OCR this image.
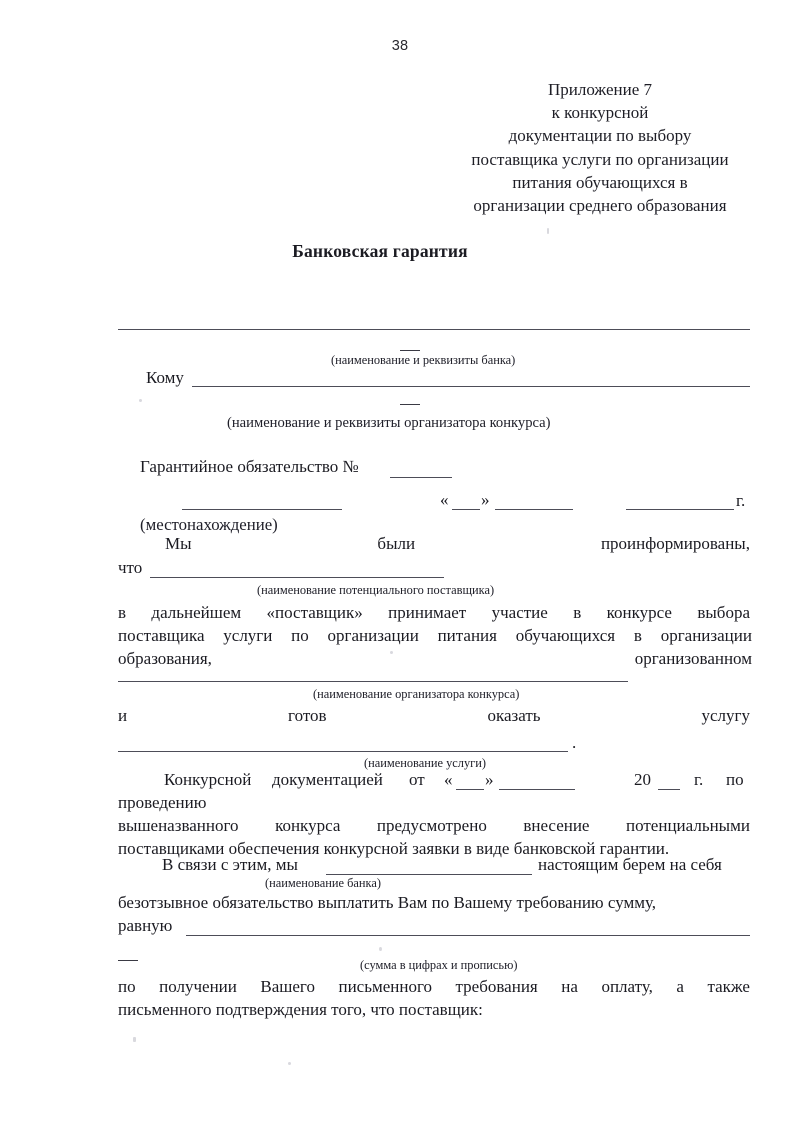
38
Приложение 7
к конкурсной
документации по выбору
поставщика услуги по организации
питания обучающихся в
организации среднего образования
Банковская гарантия
(наименование и реквизиты банка)
Кому
(наименование и реквизиты организатора конкурса)
Гарантийное обязательство №
(местонахождение)
« »	г.
Мы	были	проинформированы,
что
(наименование потенциального поставщика)
в дальнейшем «поставщик» принимает участие в конкурсе выбора
поставщика услуги по организации питания обучающихся в организации
образования,	организованном
(наименование организатора конкурса)
и	готов	оказать	услугу
.
(наименование услуги)
Конкурсной документацией от « »	20	г. по
проведению
вышеназванного конкурса предусмотрено внесение потенциальными
поставщиками обеспечения конкурсной заявки в виде банковской гарантии.
В связи с этим, мы
(наименование банка)
настоящим берем на себя
безотзывное обязательство выплатить Вам по Вашему требованию сумму,
равную
(сумма в цифрах и прописью)
по получении Вашего письменного требования на оплату, а также
письменного подтверждения того, что поставщик:
